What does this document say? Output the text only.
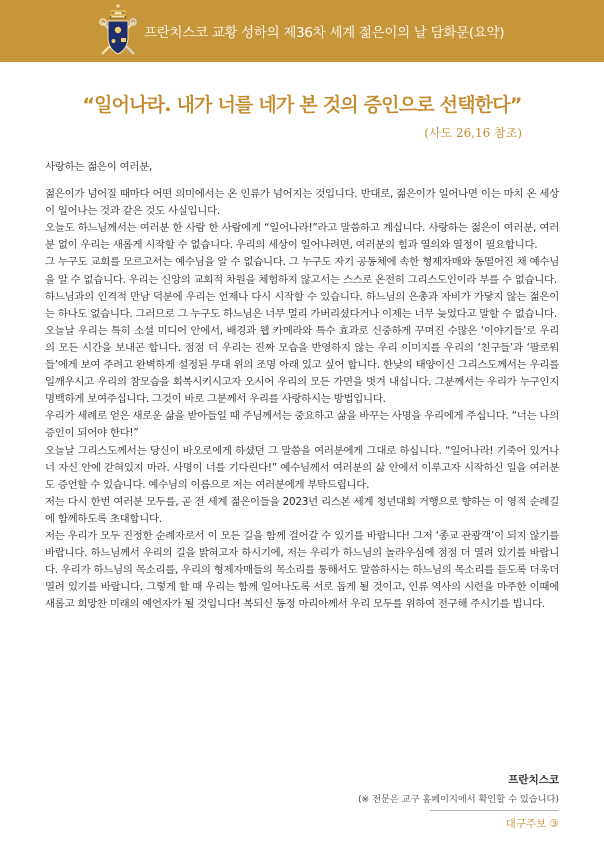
프란치스코 교황 성하의 제36차 세계 젊은이의 날 담화문(요약)
“일어나라. 내가 너를 네가 본 것의 증인으로 선택한다”
(사도 26,16 참조)

사랑하는 젊은이 여러분,

젊은이가 넘어질 때마다 어떤 의미에서는 온 인류가 넘어지는 것입니다. 반대로, 젊은이가 일어나면 이는 마치 온 세상이 일어나는 것과 같은 것도 사실입니다.

오늘도 하느님께서는 여러분 한 사람 한 사람에게 “일어나라!”라고 말씀하고 계십니다. 사랑하는 젊은이 여러분, 여러분 없이 우리는 새롭게 시작할 수 없습니다. 우리의 세상이 일어나려면, 여러분의 힘과 열의와 열정이 필요합니다.

그 누구도 교회를 모르고서는 예수님을 알 수 없습니다. 그 누구도 자기 공동체에 속한 형제자매와 동떨어진 채 예수님을 알 수 없습니다. 우리는 신앙의 교회적 차원을 체험하지 않고서는 스스로 온전히 그리스도인이라 부를 수 없습니다.

하느님과의 인격적 만남 덕분에 우리는 언제나 다시 시작할 수 있습니다. 하느님의 은총과 자비가 가닿지 않는 젊은이는 하나도 없습니다. 그러므로 그 누구도 하느님은 너무 멀리 가버리셨다거나 이제는 너무 늦었다고 말할 수 없습니다.

오늘날 우리는 특히 소셜 미디어 안에서, 배경과 웹 카메라와 특수 효과로 신중하게 꾸며진 수많은 ‘이야기들’로 우리의 모든 시간을 보내곤 합니다. 점점 더 우리는 진짜 모습을 반영하지 않는 우리 이미지를 우리의 ‘친구들’과 ‘팔로워들’에게 보여 주려고 완벽하게 설정된 무대 위의 조명 아래 있고 싶어 합니다. 한낮의 태양이신 그리스도께서는 우리를 일깨우시고 우리의 참모습을 회복시키시고자 오시어 우리의 모든 가면을 벗겨 내십니다. 그분께서는 우리가 누구인지 명백하게 보여주십니다. 그것이 바로 그분께서 우리를 사랑하시는 방법입니다.

우리가 세례로 얻은 새로운 삶을 받아들일 때 주님께서는 중요하고 삶을 바꾸는 사명을 우리에게 주십니다. “너는 나의 증인이 되어야 한다!”

오늘날 그리스도께서는 당신이 바오로에게 하셨던 그 말씀을 여러분에게 그대로 하십니다. “일어나라! 기죽어 있거나 너 자신 안에 갇혀있지 마라. 사명이 너를 기다린다!” 예수님께서 여러분의 삶 안에서 이루고자 시작하신 일을 여러분도 증언할 수 있습니다. 예수님의 이름으로 저는 여러분에게 부탁드립니다.

저는 다시 한번 여러분 모두를, 곧 전 세계 젊은이들을 2023년 리스본 세계 청년대회 거행으로 향하는 이 영적 순례길에 함께하도록 초대합니다.

저는 우리가 모두 진정한 순례자로서 이 모든 길을 함께 걸어갈 수 있기를 바랍니다! 그저 ‘종교 관광객’이 되지 않기를 바랍니다. 하느님께서 우리의 길을 밝혀고자 하시기에, 저는 우리가 하느님의 놀라우심에 점점 더 열려 있기를 바랍니다. 우리가 하느님의 목소리를, 우리의 형제자매들의 목소리를 통해서도 말씀하시는 하느님의 목소리를 듣도록 더욱더 열려 있기를 바랍니다. 그렇게 할 때 우리는 함께 일어나도록 서로 돕게 될 것이고, 인류 역사의 시련을 마주한 이때에 새롭고 희망찬 미래의 예언자가 될 것입니다! 복되신 동정 마리아께서 우리 모두를 위하여 전구해 주시기를 빕니다.

프란치스코
(※ 전문은 교구 홈페이지에서 확인할 수 있습니다)
대구주보 ③
